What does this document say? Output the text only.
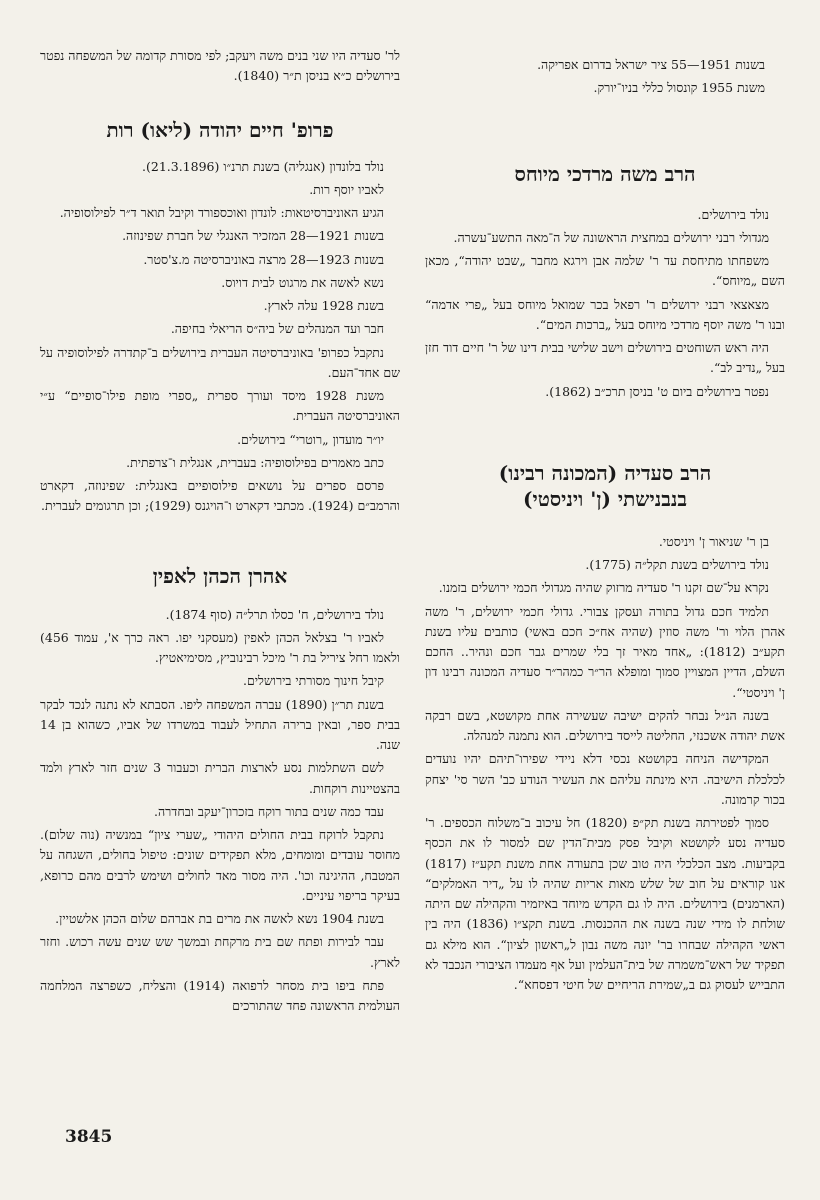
בשנות 1951—55 ציר ישראל בדרום אפריקה.

משנת 1955 קונסול כללי בניו־יורק.

הרב משה מרדכי מיוחס

נולד בירושלים.

מגדולי רבני ירושלים במחצית הראשונה של ה־מאה התשע־עשרה.

משפחתו מתיחסת עד ר' שלמה אבן וירגא מחבר „שבט יהודה“, מכאן השם „מיוחס“.

מצאצאי רבני ירושלים ר' רפאל בכר שמואל מיוחס בעל „פרי אדמה“ ובנו ר' משה יוסף מרדכי מיוחס בעל „ברכות המים“.

היה ראש השוחטים בירושלים וישב שלישי בבית דינו של ר' חיים דוד חזן בעל „נדיב לב“.

נפטר בירושלים ביום ט' בניסן תרכ״ב (1862).

הרב סעדיה (המכונה רבינו) בנבנישתי (ן' ויניסטי)

בן ר' שניאור ן' ויניסטי.

נולד בירושלים בשנת תקל״ה (1775).

נקרא על־שם זקנו ר' סעדיה מרזוק שהיה מגדולי חכמי ירושלים בזמנו.

תלמיד חכם גדול בתורה ועסקן צבורי. גדולי חכמי ירושלים, ר' משה אהרן הלוי ור' משה סוזין (שהיה אח״כ חכם באשי) כותבים עליו בשנת תקע״ב (1812): „אחד מאיר זך בלי שמרים גבר חכם ונהיר.. החכם השלם, הדיין המצויין סמוך ומופלא הר״ר כמהר״ר סעדיה המכונה רבינו דון ן' ויניסטי“.

בשנה הנ״ל נבחר להקים ישיבה שעשירה אחת מקושטא, בשם רבקה אשת יהודה אשכנזי, החליטה לייסד בירושלים. הוא נתמנה למנהלה.

המקדישה הניחה בקושטא נכסי דלא ניידי שפירו־תיהם יהיו נועדים לכלכלת הישיבה. היא מינתה עליהם את העשיר הנודע כב' השר סי' יצחק בכור קרמונה.

סמוך לפטירתה בשנת תק״פ (1820) חל עיכוב ב־משלוח הכספים. ר' סעדיה נסע לקושטא וקיבל פסק מבית־הדין שם למסור לו את הכסף בקביעות. מצב הכלכלי היה טוב שכן בתעודה אחת משנת תקע״ז (1817) אנו קוראים על חוב של שלש מאות אריות שהיה לו על „דיר האמלקים“ (הארמנים) בירושלים. היה לו גם הקדש מיוחד באיזמיר והקהילה שם היתה שולחת לו מידי שנה בשנה את ההכנסות. בשנת תקצ״ו (1836) היה בין ראשי הקהילה שבחרו בר' יונה משה נבון ל„ראשון לציון“. הוא מילא גם תפקיד של ראש־משמרה של בית־העלמין ועל אף מעמדו הציבורי הנכבד לא התבייש לעסוק גם ב„שמירת הריחיים של חיטי דפסחא“.

לר' סעדיה היו שני בנים משה ויעקב; לפי מסורת קדומה של המשפחה נפטר בירושלים כ״א בניסן ת״ר (1840).

פרופ' חיים יהודה (ליאו) רות

נולד בלונדון (אנגליה) בשנת תרנ״ו (21.3.1896).

לאביו יוסף רות.

הגיע האוניברסיטאות: לונדון ואוכספורד וקיבל תואר ד״ר לפילוסופיה.

בשנות 1921—28 המזכיר האנגלי של חברת שפינוזה.

בשנות 1923—28 מרצה באוניברסיטה מ.צ'סטר.

נשא לאשה את מרגוט לבית דויוס.

בשנת 1928 עלה לארץ.

חבר ועד המנהלים של ביה״ס הריאלי בחיפה.

נתקבל כפרופ' באוניברסיטה העברית בירושלים ב־קתדרה לפילוסופיה על שם אחד־העם.

משנת 1928 מיסד ועורך ספרית „ספרי מופת פילו־סופיים“ ע״י האוניברסיטה העברית.

יו״ר מועדון „רוטרי“ בירושלים.

כתב מאמרים בפילוסופיה: בעברית, אנגלית ו־צרפתית.

פרסם ספרים על נושאים פילוסופיים באנגלית: שפינוזה, דקארט והרמב״ם (1924). מכתבי דקארט ו־הויגנס (1929); וכן תרגומים לעברית.

אהרן הכהן לאפין

נולד בירושלים, ח' כסלו תרל״ה (סוף 1874).

לאביו ר' בצלאל הכהן לאפין (מעסקני יפו. ראה כרך א', עמוד 456) ולאמו רחל ציריל בת ר' מיכל רבינוביץ, מסימיאטיץ.

קיבל חינוך מסורתי בירושלים.

בשנת תר״ן (1890) עברה המשפחה ליפו. הסבתא לא נתנה לנכד לבקר בבית ספר, ובאין ברירה התחיל לעבוד במשרדו של אביו, כשהוא בן 14 שנה.

לשם השתלמות נסע לארצות הברית וכעבור 3 שנים חזר לארץ ולמד בהצטיינות רוקחות.

עבד כמה שנים בתור רוקח בזכרון־יעקב ובחדרה.

נתקבל לרוקח בבית החולים היהודי „שערי ציון“ במנשיה (נוה שלום). מחוסר עובדים ומומחים, מלא תפקידים שונים: טיפול בחולים, השגחה על המטבח, ההיגינה וכו'. היה מסור מאד לחולים ושימש לרבים מהם כרופא, בעיקר בריפוי עיניים.

בשנת 1904 נשא לאשה את מרים בת אברהם שלום הכהן אלשטיין.

עבר לבירות ופתח שם בית מרקחת ובמשך שש שנים עשה רכוש. וחזר לארץ.

פתח ביפו בית מסחר לרפואה (1914) והצליח, כשפרצה המלחמה העולמית הראשונה פחד שהתורכים

3845
